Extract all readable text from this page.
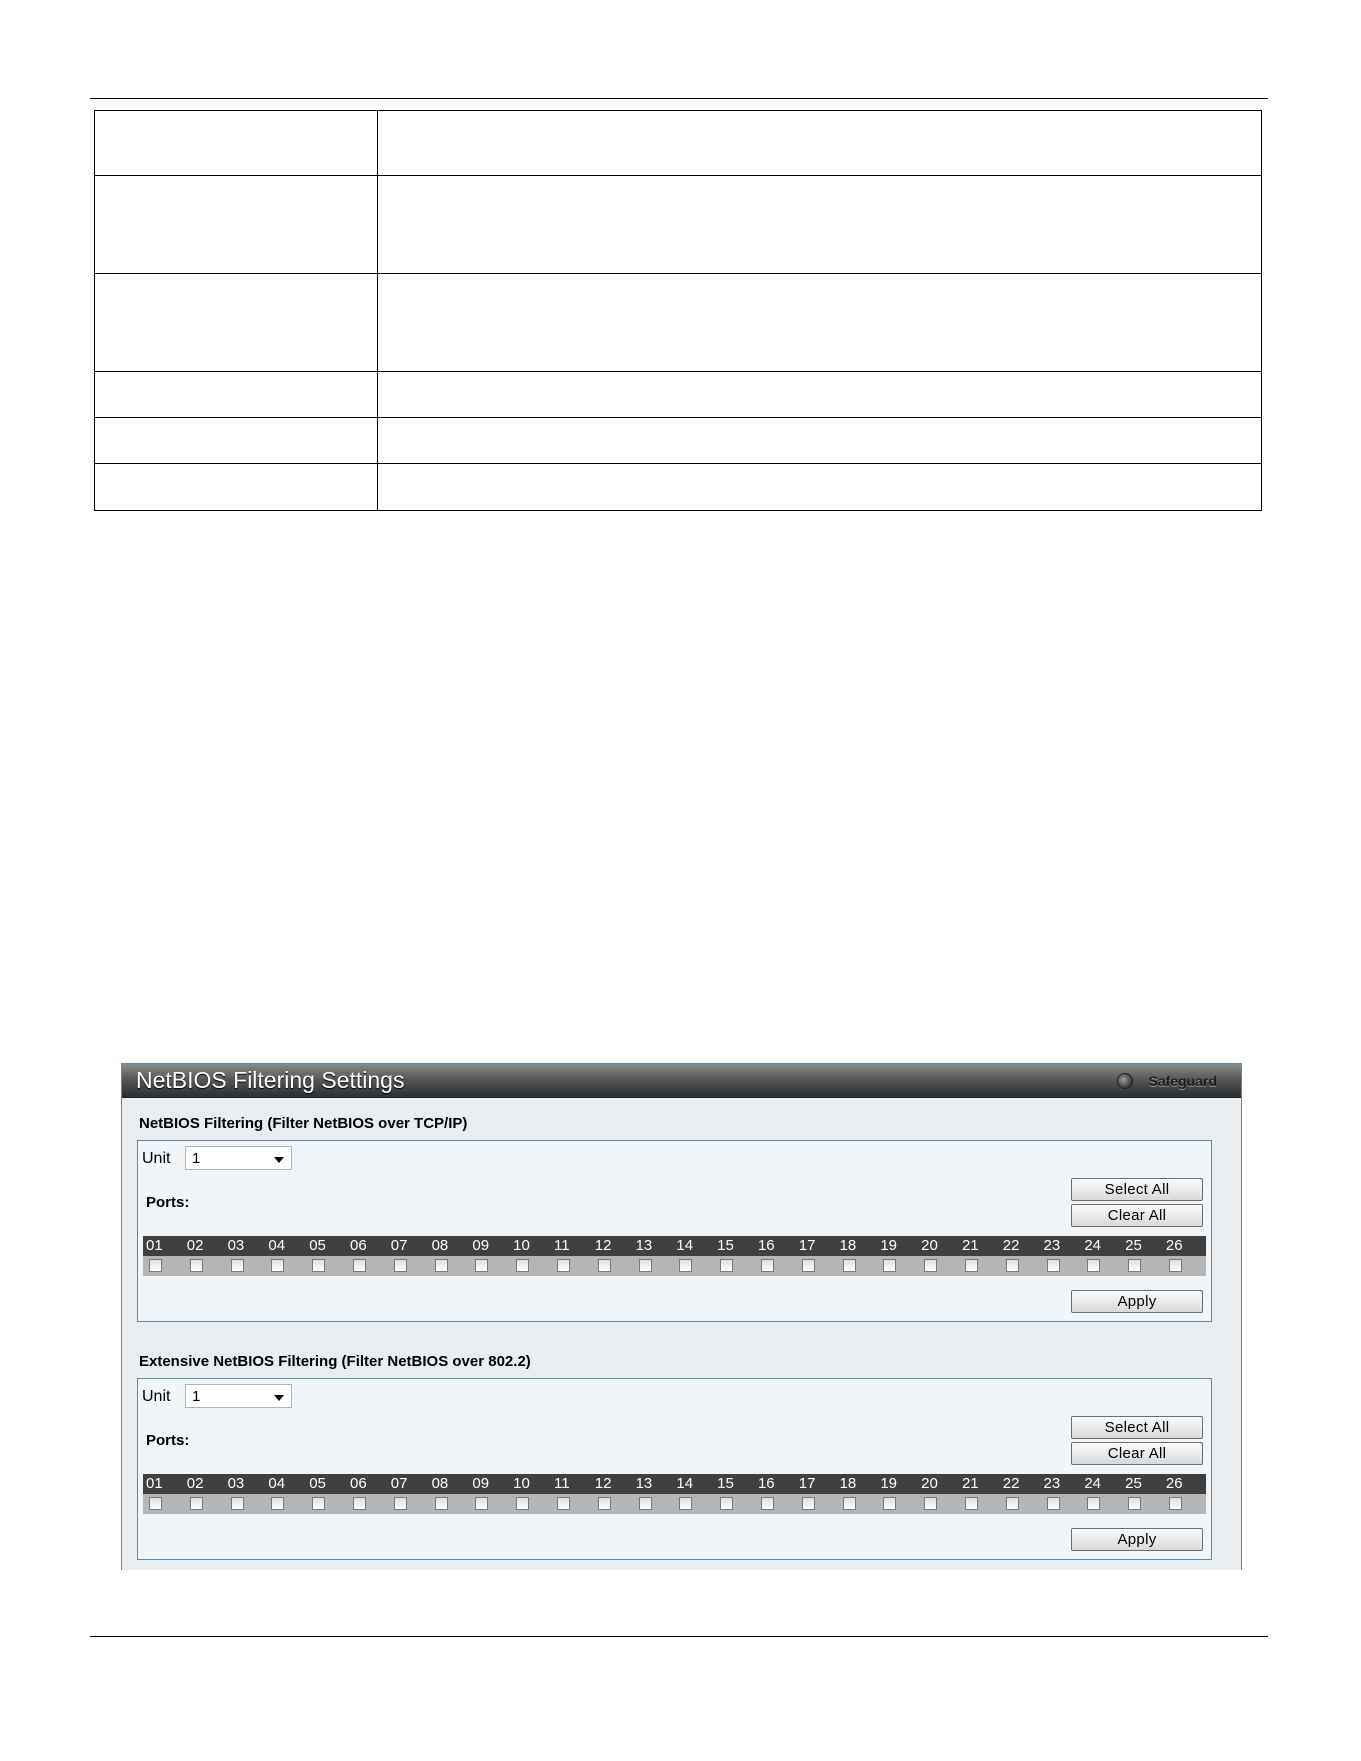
NetBIOS Filtering Settings	Safeguard
NetBIOS Filtering (Filter NetBIOS over TCP/IP)
Unit	1
Ports:
Select All
Clear All
01	02	03	04	05	06	07	08	09	10	11	12	13	14	15	16	17	18	19	20	21	22	23	24	25	26
Apply
Extensive NetBIOS Filtering (Filter NetBIOS over 802.2)
Unit	1
Ports:
Select All
Clear All
01	02	03	04	05	06	07	08	09	10	11	12	13	14	15	16	17	18	19	20	21	22	23	24	25	26
Apply
